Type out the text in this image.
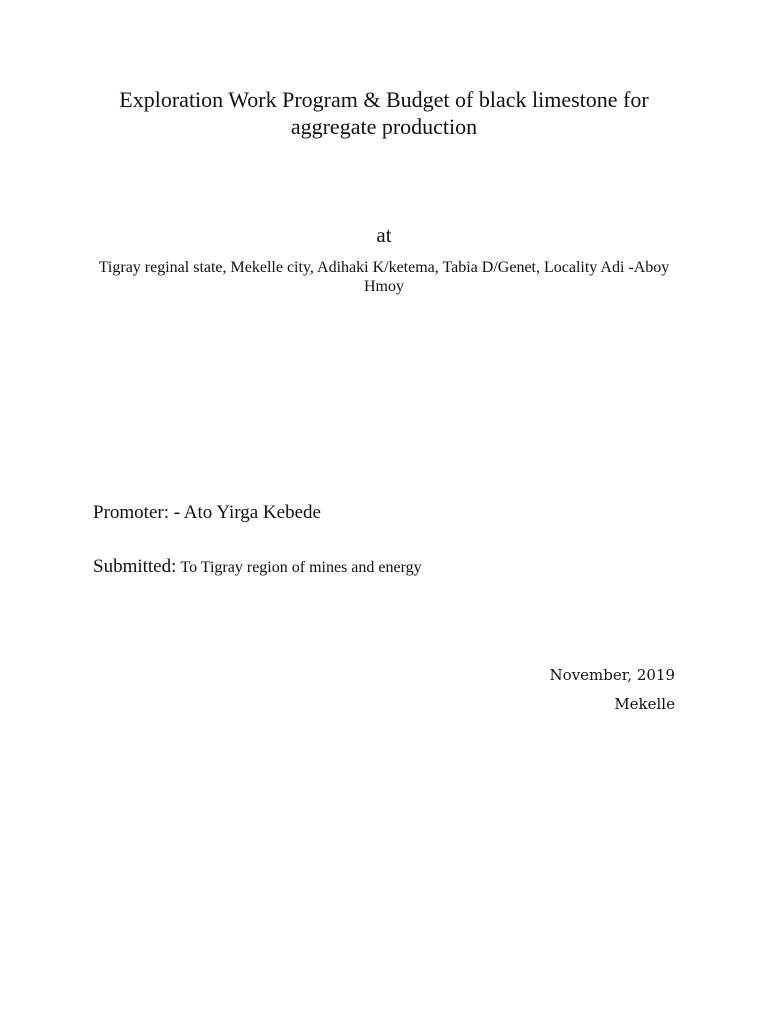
Exploration Work Program & Budget of black limestone for aggregate production
at
Tigray reginal state, Mekelle city, Adihaki K/ketema, Tabia D/Genet, Locality Adi -Aboy Hmoy
Promoter: - Ato Yirga Kebede
Submitted: To Tigray region of mines and energy
November, 2019
Mekelle
